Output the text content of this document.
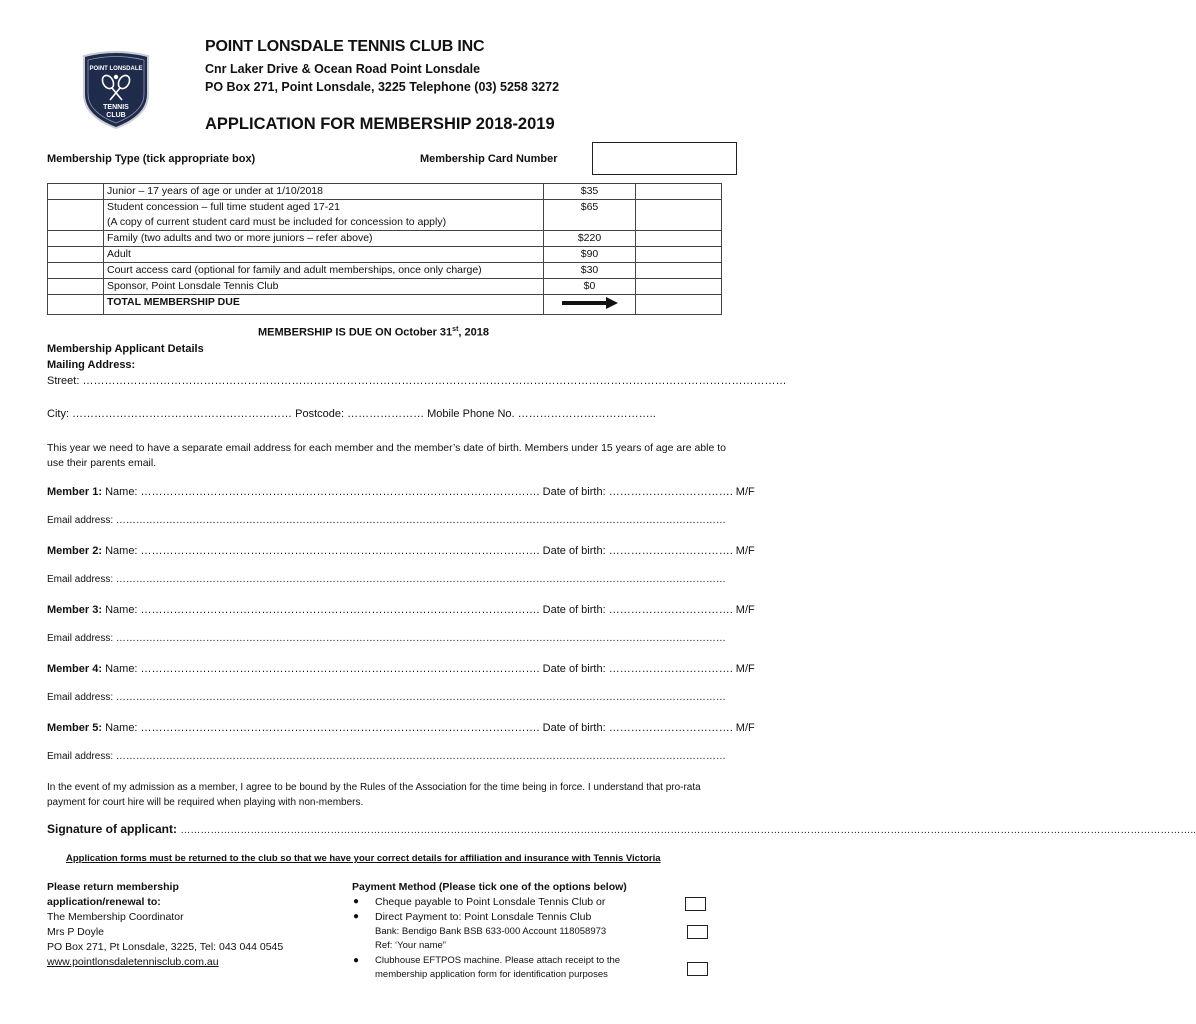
POINT LONSDALE
TENNIS
CLUB
POINT LONSDALE TENNIS CLUB INC
Cnr Laker Drive & Ocean Road Point Lonsdale
PO Box 271, Point Lonsdale, 3225 Telephone (03) 5258 3272
APPLICATION FOR MEMBERSHIP 2018-2019
Membership Type (tick appropriate box)	Membership Card Number
	Junior – 17 years of age or under at 1/10/2018	$35	

	Student concession – full time student aged 17-21
(A copy of current student card must be included for concession to apply)	$65	
	Family (two adults and two or more juniors – refer above)	$220	
	Adult	$90	
	Court access card (optional for family and adult memberships, once only charge)	$30	
	Sponsor, Point Lonsdale Tennis Club	$0	
	TOTAL MEMBERSHIP DUE		
MEMBERSHIP IS DUE ON October 31st, 2018
Membership Applicant Details
Mailing Address:
Street: …………………………………………………………………………………………………………………………………………………………………………
City: …………………………………………………… Postcode: ………………… Mobile Phone No. ………………………………..
This year we need to have a separate email address for each member and the member’s date of birth. Members under 15 years of age are able to use their parents email.
Member 1: Name: ………………………………………………………………………………………………. Date of birth: ……………………………. M/F
Email address: …………………………………………………………………………………………………………………………………………………………………
Member 2: Name: ………………………………………………………………………………………………. Date of birth: ……………………………. M/F
Email address: …………………………………………………………………………………………………………………………………………………………………
Member 3: Name: ………………………………………………………………………………………………. Date of birth: ……………………………. M/F
Email address: …………………………………………………………………………………………………………………………………………………………………
Member 4: Name: ………………………………………………………………………………………………. Date of birth: ……………………………. M/F
Email address: …………………………………………………………………………………………………………………………………………………………………
Member 5: Name: ………………………………………………………………………………………………. Date of birth: ……………………………. M/F
Email address: …………………………………………………………………………………………………………………………………………………………………
In the event of my admission as a member, I agree to be bound by the Rules of the Association for the time being in force. I understand that pro-rata payment for court hire will be required when playing with non-members.
Signature of applicant: ……………………………………………………………………………………………………………………………………………………………………………………………………………………………………………………………………………..
Application forms must be returned to the club so that we have your correct details for affiliation and insurance with Tennis Victoria
Please return membership
application/renewal to:
The Membership Coordinator
Mrs P Doyle
PO Box 271, Pt Lonsdale, 3225, Tel: 043 044 0545
www.pointlonsdaletennisclub.com.au
Payment Method (Please tick one of the options below)
● Cheque payable to Point Lonsdale Tennis Club or
● Direct Payment to: Point Lonsdale Tennis Club
Bank: Bendigo Bank BSB 633-000 Account 118058973
Ref: ‘Your name”
● Clubhouse EFTPOS machine. Please attach receipt to the
membership application form for identification purposes
